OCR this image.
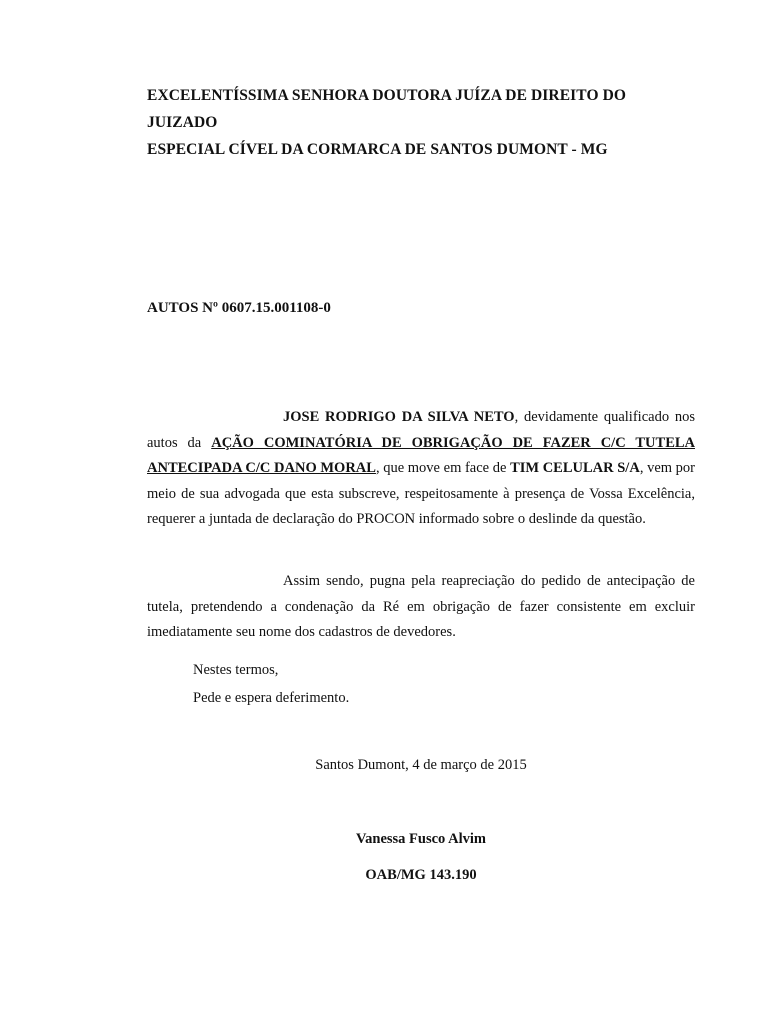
EXCELENTÍSSIMA SENHORA DOUTORA JUÍZA DE DIREITO DO JUIZADO
ESPECIAL CÍVEL DA CORMARCA DE SANTOS DUMONT - MG
AUTOS Nº 0607.15.001108-0
JOSE RODRIGO DA SILVA NETO, devidamente qualificado nos autos da AÇÃO COMINATÓRIA DE OBRIGAÇÃO DE FAZER C/C TUTELA ANTECIPADA C/C DANO MORAL, que move em face de TIM CELULAR S/A, vem por meio de sua advogada que esta subscreve, respeitosamente à presença de Vossa Excelência, requerer a juntada de declaração do PROCON informado sobre o deslinde da questão.
Assim sendo, pugna pela reapreciação do pedido de antecipação de tutela, pretendendo a condenação da Ré em obrigação de fazer consistente em excluir imediatamente seu nome dos cadastros de devedores.
Nestes termos,
Pede e espera deferimento.
Santos Dumont, 4 de março de 2015
Vanessa Fusco Alvim
OAB/MG 143.190
